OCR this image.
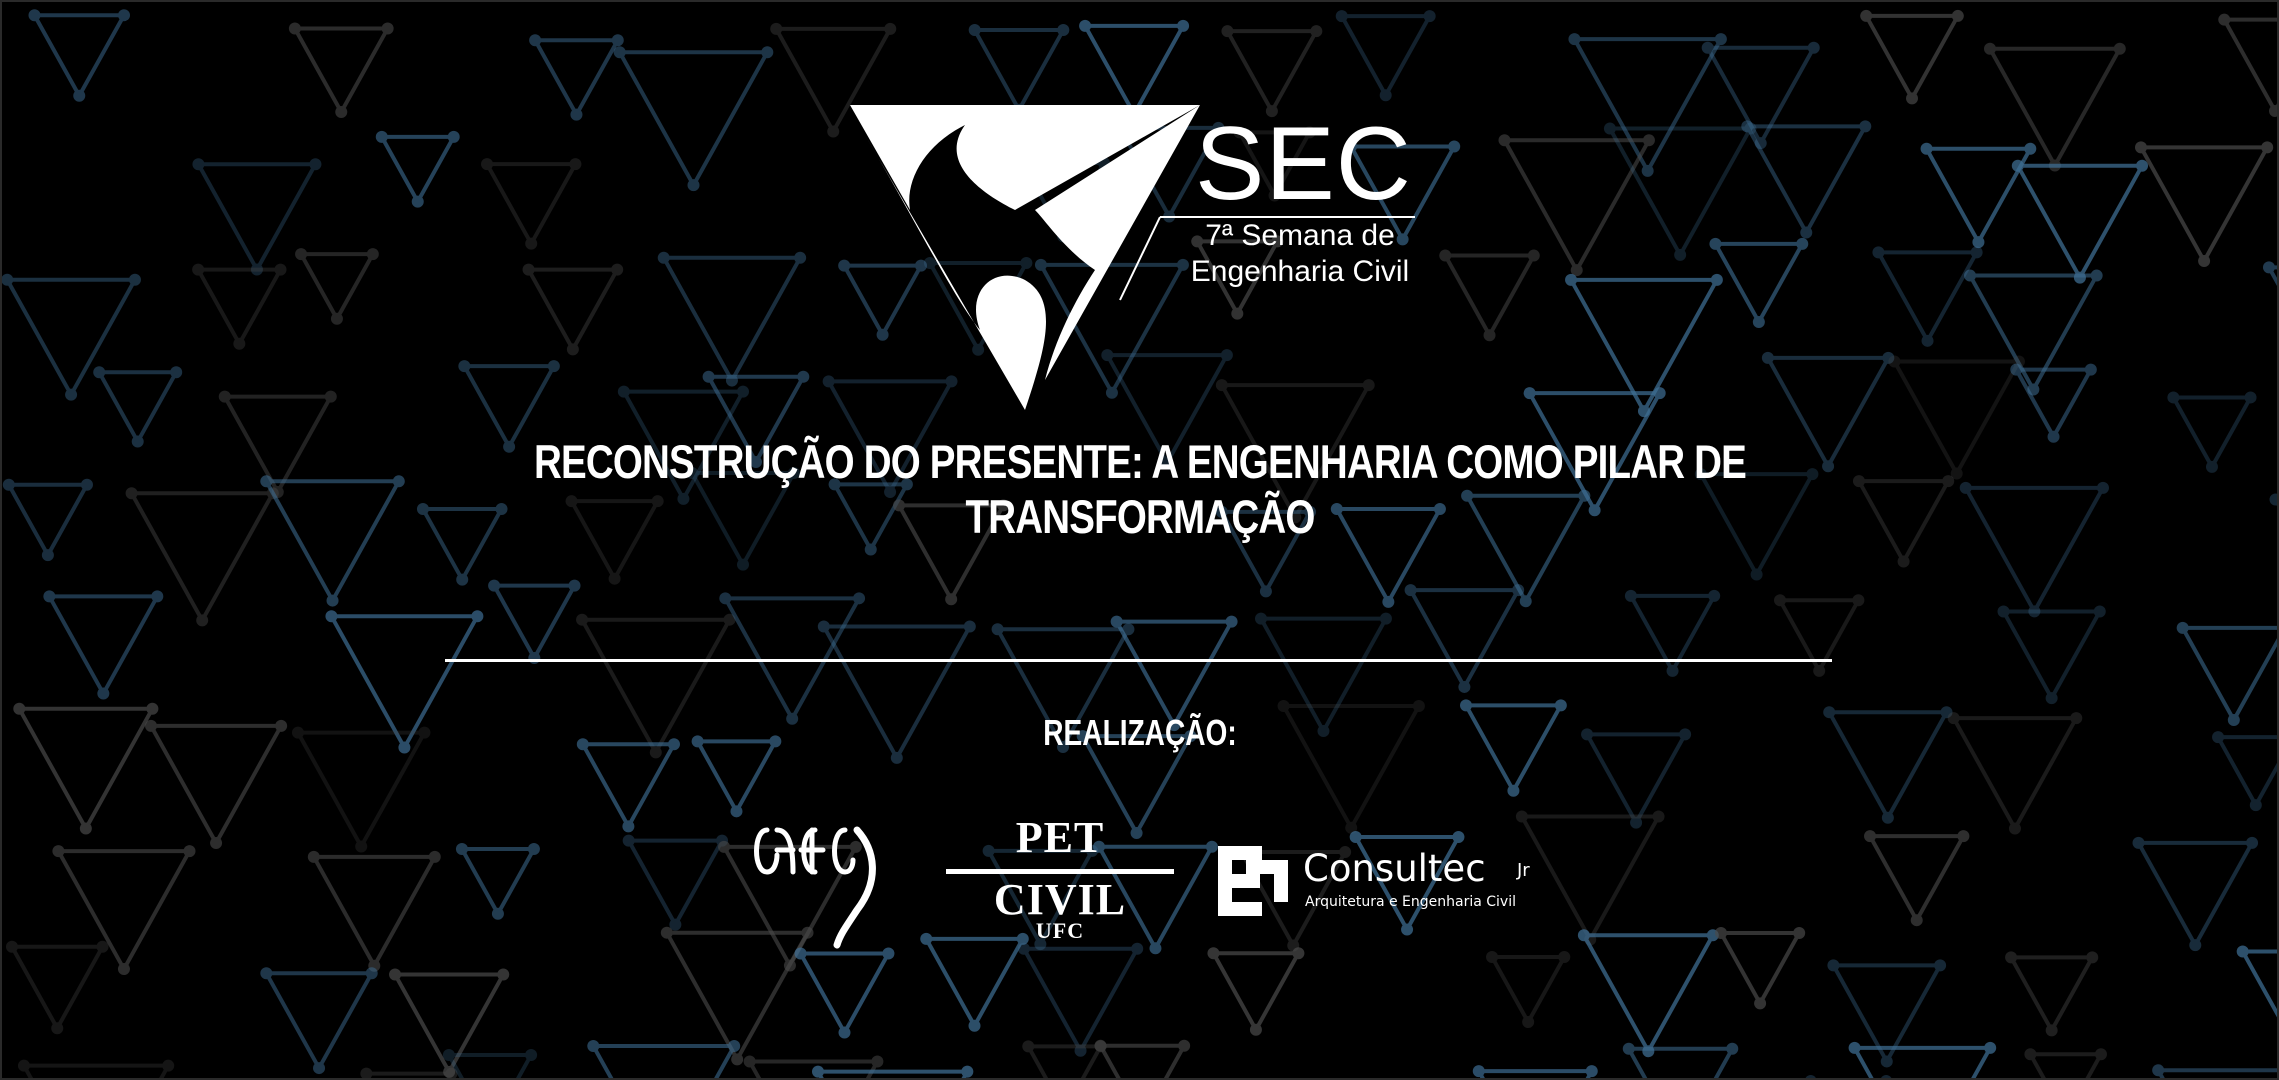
SEC
7ª Semana de
Engenharia Civil
RECONSTRUÇÃO DO PRESENTE: A ENGENHARIA COMO PILAR DE TRANSFORMAÇÃO
REALIZAÇÃO:
PET
CIVIL
UFC
Consultec Jr
Arquitetura e Engenharia Civil
